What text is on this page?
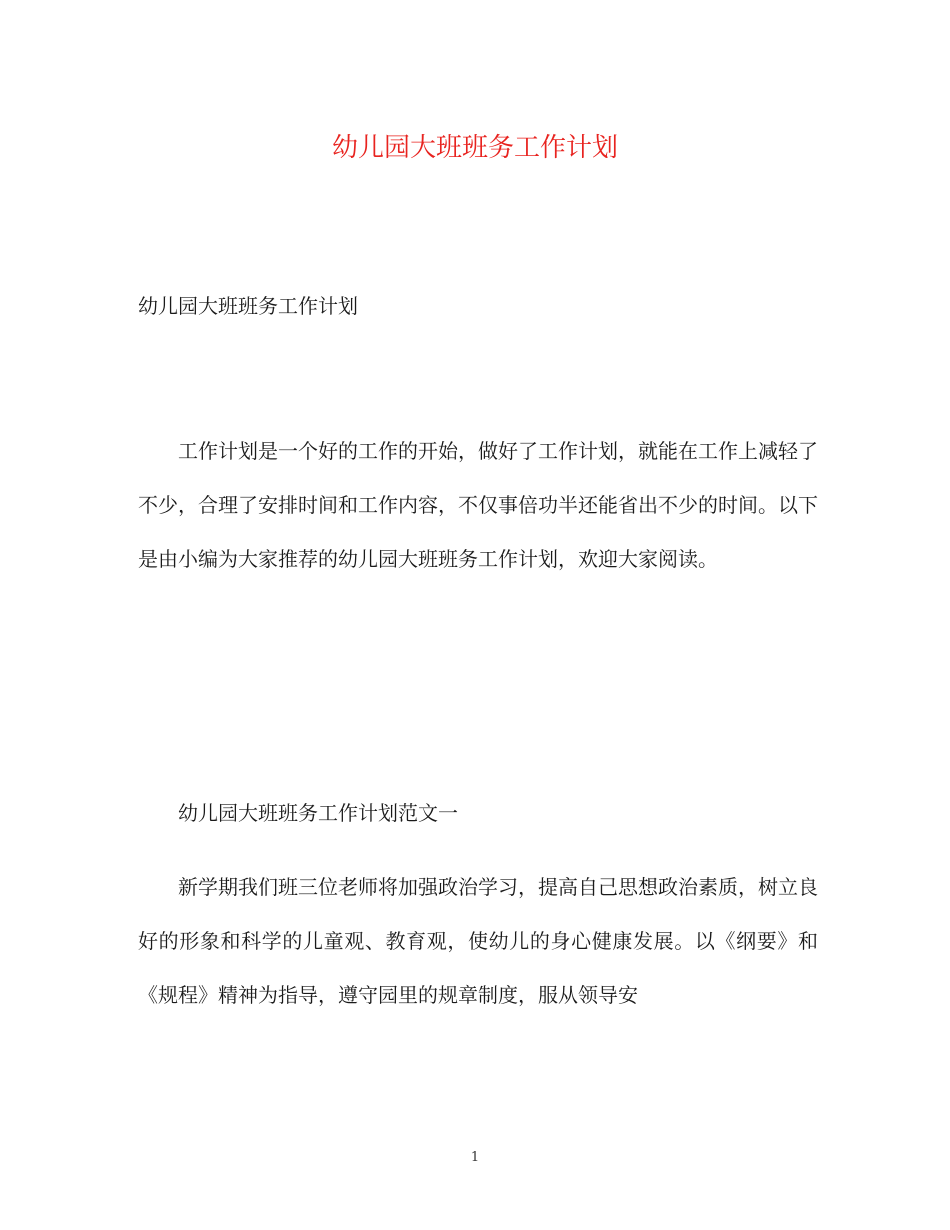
幼儿园大班班务工作计划
幼儿园大班班务工作计划

工作计划是一个好的工作的开始，做好了工作计划，就能在工作上减轻了不少，合理了安排时间和工作内容，不仅事倍功半还能省出不少的时间。以下是由小编为大家推荐的幼儿园大班班务工作计划，欢迎大家阅读。

幼儿园大班班务工作计划范文一

新学期我们班三位老师将加强政治学习，提高自己思想政治素质，树立良好的形象和科学的儿童观、教育观，使幼儿的身心健康发展。以《纲要》和《规程》精神为指导，遵守园里的规章制度，服从领导安

1
